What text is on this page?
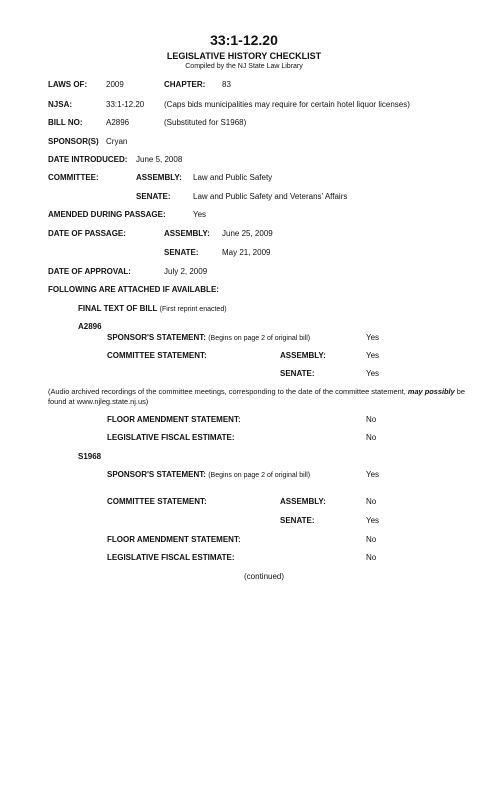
33:1-12.20
LEGISLATIVE HISTORY CHECKLIST
Compiled by the NJ State Law Library
LAWS OF: 2009	CHAPTER: 83
NJSA:	33:1-12.20 (Caps bids municipalities may require for certain hotel liquor licenses)
BILL NO:	A2896	(Substituted for S1968)
SPONSOR(S) Cryan
DATE INTRODUCED: June 5, 2008
COMMITTEE:	ASSEMBLY: Law and Public Safety
SENATE:	Law and Public Safety and Veterans' Affairs
AMENDED DURING PASSAGE:	Yes
DATE OF PASSAGE:	ASSEMBLY: June 25, 2009
SENATE:	May 21, 2009
DATE OF APPROVAL:	July 2, 2009
FOLLOWING ARE ATTACHED IF AVAILABLE:
FINAL TEXT OF BILL (First reprint enacted)
A2896
SPONSOR'S STATEMENT: (Begins on page 2 of original bill)	Yes
COMMITTEE STATEMENT:	ASSEMBLY:	Yes
SENATE:	Yes
(Audio archived recordings of the committee meetings, corresponding to the date of the committee statement, may possibly be found at www.njleg.state.nj.us)
FLOOR AMENDMENT STATEMENT:	No
LEGISLATIVE FISCAL ESTIMATE:	No
S1968
SPONSOR'S STATEMENT: (Begins on page 2 of original bill)	Yes
COMMITTEE STATEMENT:	ASSEMBLY:	No
SENATE:	Yes
FLOOR AMENDMENT STATEMENT:	No
LEGISLATIVE FISCAL ESTIMATE:	No
(continued)
